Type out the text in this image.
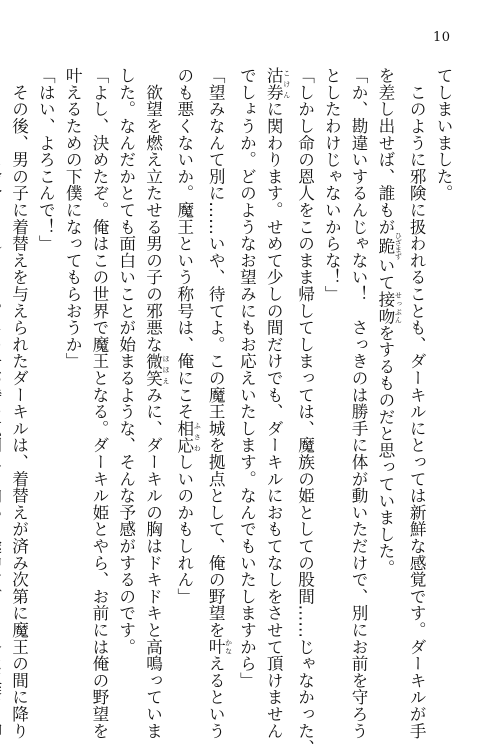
10
てしまいました。
　このように邪険に扱われることも、ダーキルにとっては新鮮な感覚です。ダーキルが手
を差し出せば、誰もが跪 ひざまずいて接吻 せっぷんをするものだと思っていました。
「か、勘違いするんじゃない！　さっきのは勝手に体が動いただけで、別にお前を守ろう
としたわけじゃないからな！」
「しかし命の恩人をこのまま帰してしまっては、魔族の姫としての股間……じゃなかった、
沽券 こけんに関わります。せめて少しの間だけでも、ダーキルにおもてなしをさせて頂けません
でしょうか。どのようなお望みにもお応えいたします。なんでもいたしますから」
「望みなんて別に……いや、待てよ。この魔王城を拠点として、俺の野望を叶 かなえるという
のも悪くないか。魔王という称号は、俺にこそ相応 ふさわしいのかもしれん」
　欲望を燃え立たせる男の子の邪悪な微笑 ほほえみに、ダーキルの胸はドキドキと高鳴っていま
した。なんだかとても面白いことが始まるような、そんな予感がするのです。
「よし、決めたぞ。俺はこの世界で魔王となる。ダーキル姫とやら、お前には俺の野望を
叶えるための下僕になってもらおうか」
「はい、よろこんで！」
　その後、男の子に着替えを与えられたダーキルは、着替えが済み次第に魔王の間に降り
